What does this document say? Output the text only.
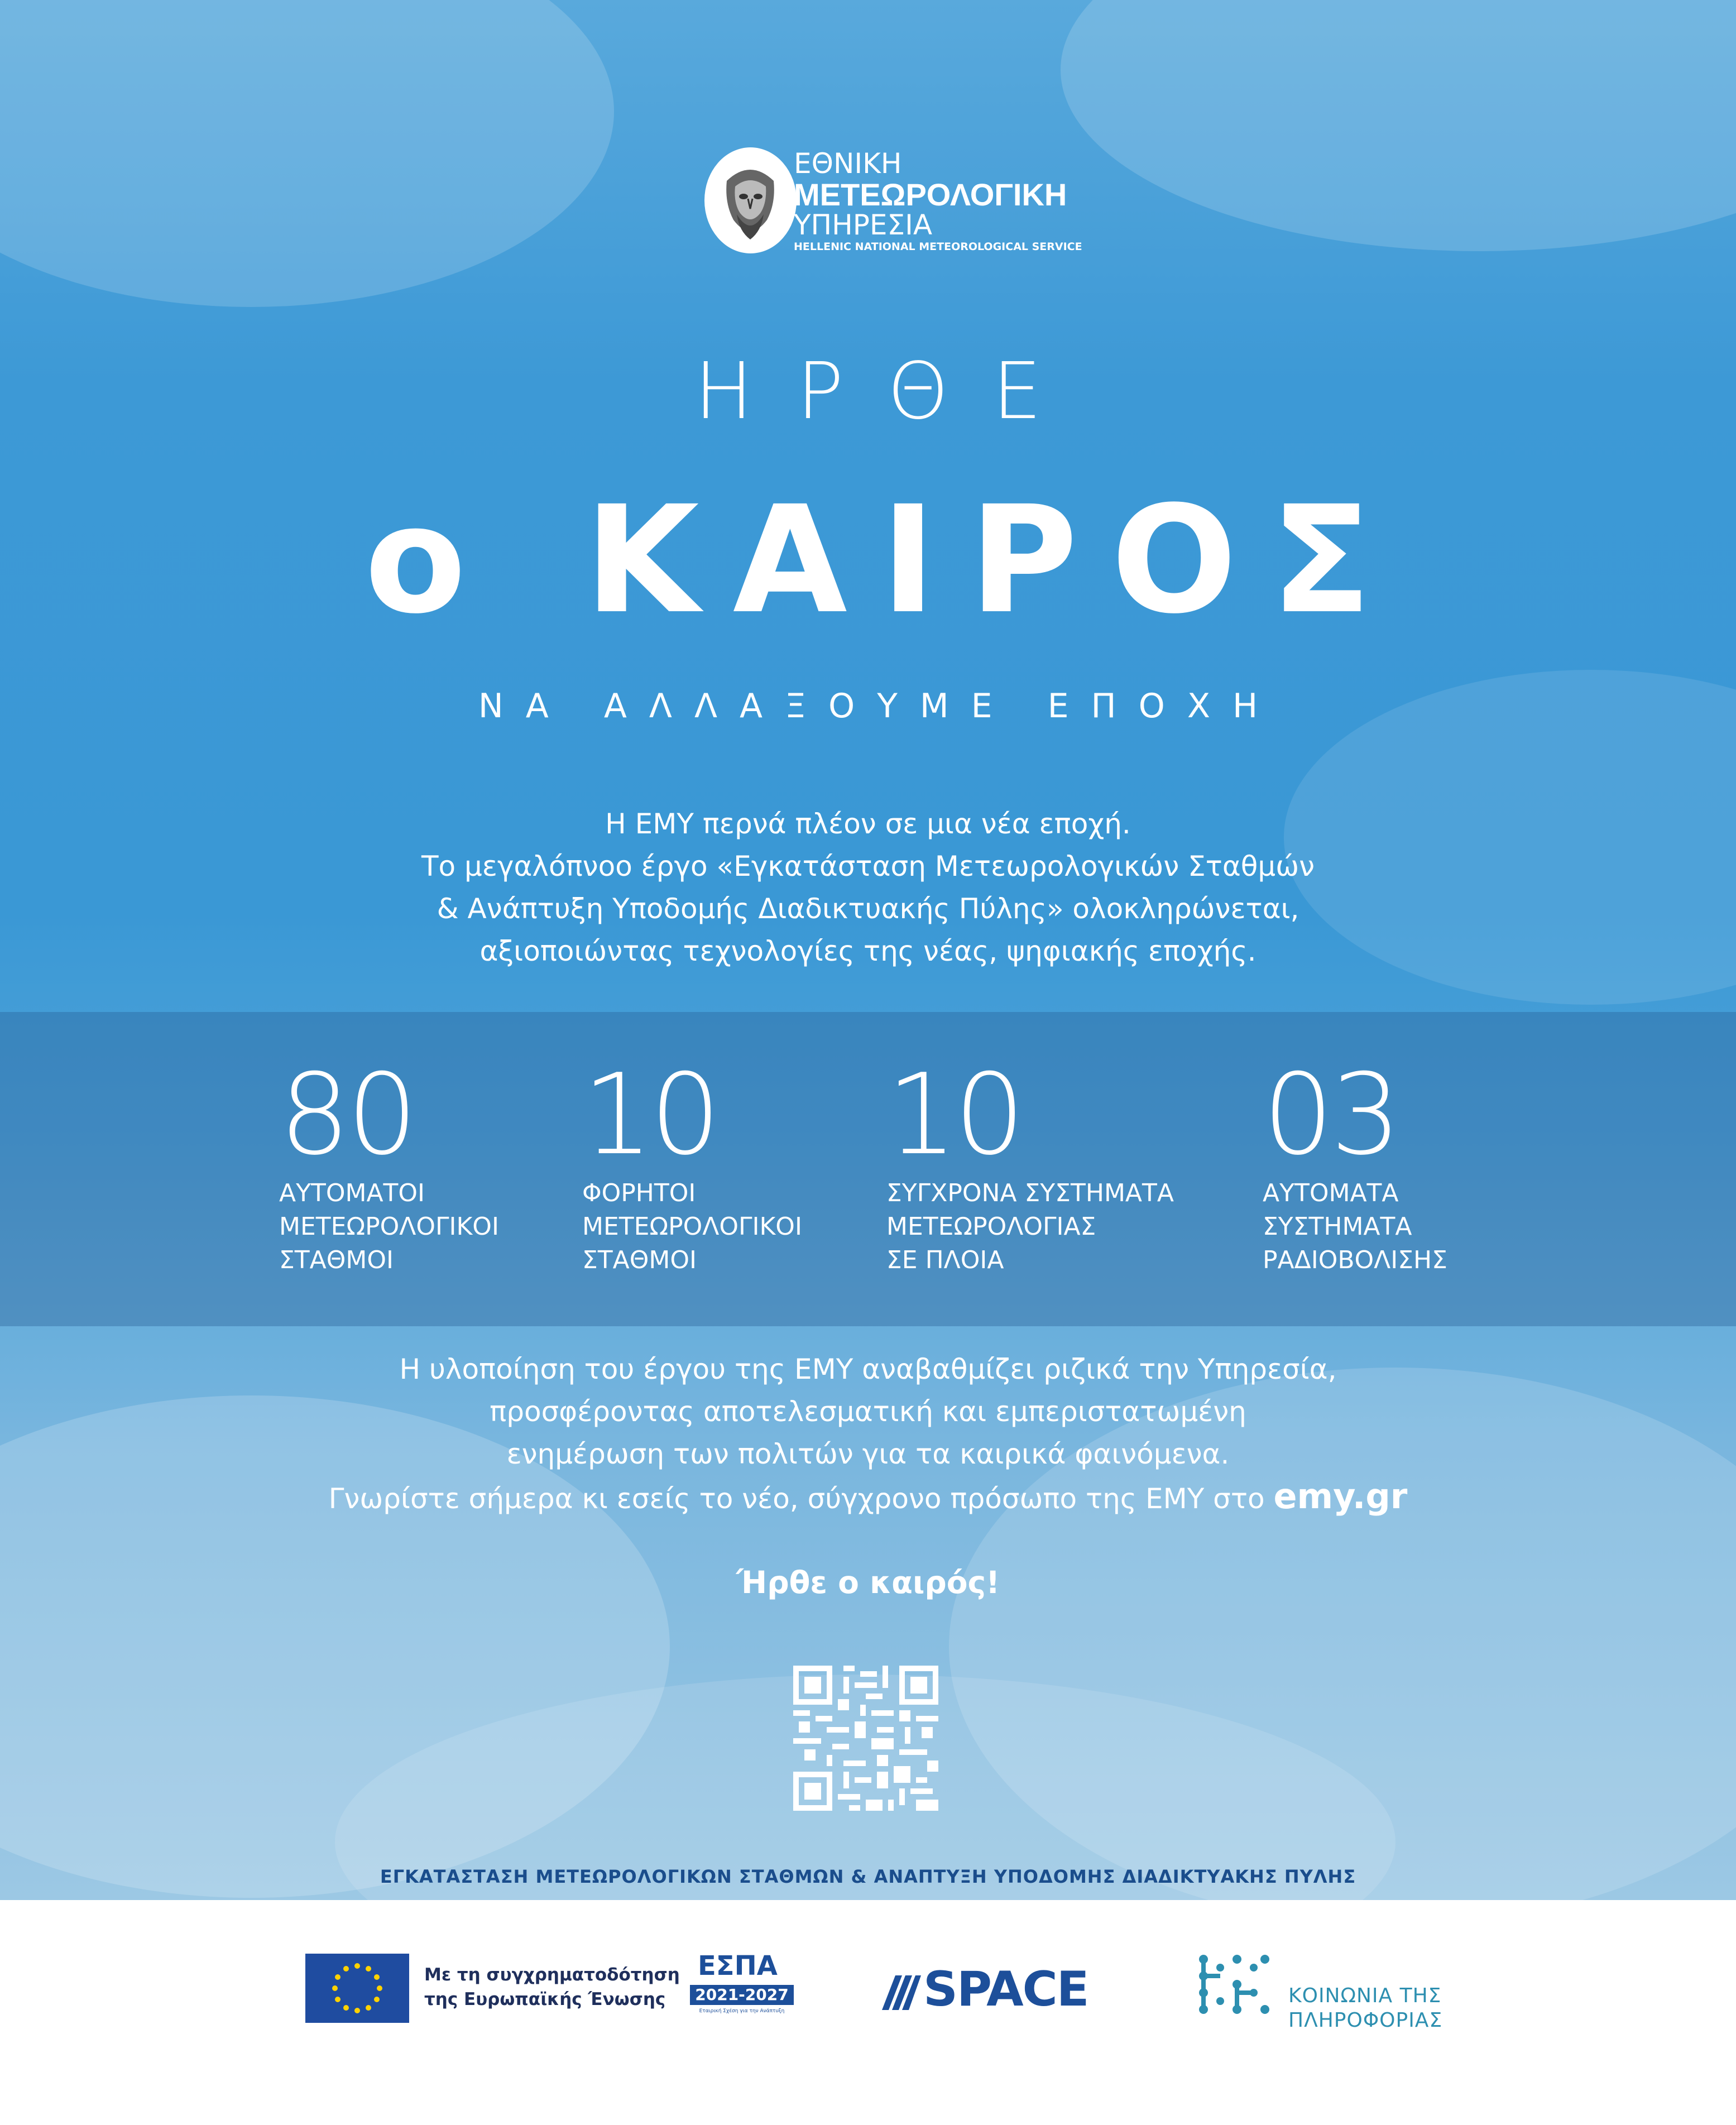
ΕΘΝΙΚΗ
ΜΕΤΕΩΡΟΛΟΓΙΚΗ
ΥΠΗΡΕΣΙΑ
HELLENIC NATIONAL METEOROLOGICAL SERVICE
ΗΡΘΕ
ο ΚΑΙΡΟΣ
ΝΑ ΑΛΛΑΞΟΥΜΕ ΕΠΟΧΗ
Η ΕΜΥ περνά πλέον σε μια νέα εποχή.
Το μεγαλόπνοο έργο «Εγκατάσταση Μετεωρολογικών Σταθμών
& Ανάπτυξη Υποδομής Διαδικτυακής Πύλης» ολοκληρώνεται,
αξιοποιώντας τεχνολογίες της νέας, ψηφιακής εποχής.
80
ΑΥΤΟΜΑΤΟΙ
ΜΕΤΕΩΡΟΛΟΓΙΚΟΙ
ΣΤΑΘΜΟΙ
10
ΦΟΡΗΤΟΙ
ΜΕΤΕΩΡΟΛΟΓΙΚΟΙ
ΣΤΑΘΜΟΙ
10
ΣΥΓΧΡΟΝΑ ΣΥΣΤΗΜΑΤΑ
ΜΕΤΕΩΡΟΛΟΓΙΑΣ
ΣΕ ΠΛΟΙΑ
03
ΑΥΤΟΜΑΤΑ
ΣΥΣΤΗΜΑΤΑ
ΡΑΔΙΟΒΟΛΙΣΗΣ
Η υλοποίηση του έργου της ΕΜΥ αναβαθμίζει ριζικά την Υπηρεσία,
προσφέροντας αποτελεσματική και εμπεριστατωμένη
ενημέρωση των πολιτών για τα καιρικά φαινόμενα.
Γνωρίστε σήμερα κι εσείς το νέο, σύγχρονο πρόσωπο της ΕΜΥ στο emy.gr
Ήρθε ο καιρός!
ΕΓΚΑΤΑΣΤΑΣΗ ΜΕΤΕΩΡΟΛΟΓΙΚΩΝ ΣΤΑΘΜΩΝ & ΑΝΑΠΤΥΞΗ ΥΠΟΔΟΜΗΣ ΔΙΑΔΙΚΤΥΑΚΗΣ ΠΥΛΗΣ
Με τη συγχρηματοδότηση
της Ευρωπαϊκής Ένωσης
ΕΣΠΑ
2021-2027
Εταιρική Σχέση για την Ανάπτυξη	SPACE	ΚΟΙΝΩΝΙΑ ΤΗΣ
ΠΛΗΡΟΦΟΡΙΑΣ
